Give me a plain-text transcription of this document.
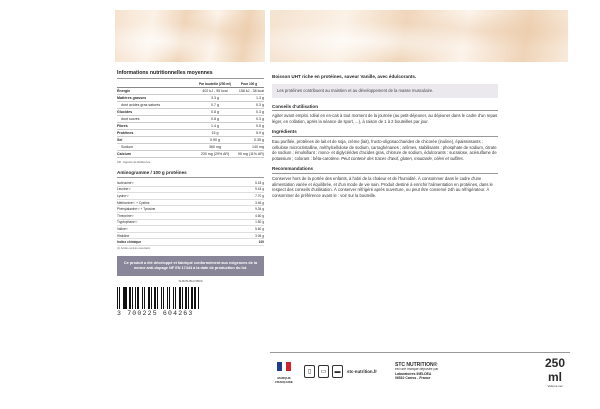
Informations nutritionnelles moyennes
	Par bouteille (250 ml)	Pour 100 g
Énergie	402 kJ - 95 kcal	158 kJ - 38 kcal
Matières grasses	3.3 g	1.3 g
dont acides gras saturés	0.7 g	0.3 g
Glucides	0.8 g	0.3 g
dont sucres	0.8 g	0.3 g
Fibres	1.4 g	0.5 g
Protéines	15 g	5.9 g
Sel	0.90 g	0.35 g
Sodium	360 mg	140 mg
Calcium	230 mg (29% AR)	90 mg (11% AR)
AR : Apports de Référence
Aminogramme / 100 g protéines
Isoleucine⁽¹⁾	5.18 g
Leucine⁽¹⁾	9.44 g
Lysine⁽¹⁾	7.70 g
Méthionine⁽¹⁾ + Cystine	3.46 g
Phénylalanine⁽¹⁾ + Tyrosine	9.34 g
Thréonine⁽¹⁾	4.60 g
Tryptophane⁽¹⁾	1.50 g
Valine⁽¹⁾	5.60 g
Histidine	3.06 g
Indice chimique	100
(1) Acides aminés essentiels
Ce produit a été développé et fabriqué conformément aux exigences de la norme anti-dopage NF EN 17444 à la date de production du lot.
SLB25UBHV0500
3 700225 604263
Boisson UHT riche en protéines, saveur Vanille, avec édulcorants.
Les protéines contribuent au maintien et au développement de la masse musculaire.
Conseils d'utilisation
Agiter avant emploi. Idéal en en-cas à tout moment de la journée (au petit-déjeuner, au déjeuner dans le cadre d'un repas léger, en collation, après la séance de sport, ...), à raison de 1 à 2 bouteilles par jour.
Ingrédients
Eau purifiée, protéines de lait et de soja, crème (lait), fructo-oligosaccharides de chicorée (inuline), épaississants : cellulose microcristalline, méthylcellulose de sodium, carraghénanes ; arômes, stabilisants : phosphate de sodium, citrate de sodium ; émulsifiant : mono- et diglycérides d'acides gras, chlorure de sodium, édulcorants : sucralose, acésulfame de potassium ; colorant : bêta-carotène. Peut contenir des traces d'œuf, gluten, moutarde, céleri et sulfites.
Recommandations
Conserver hors de la portée des enfants, à l'abri de la chaleur et de l'humidité. À consommer dans le cadre d'une alimentation variée et équilibrée, et d'un mode de vie sain. Produit destiné à enrichir l'alimentation en protéines, dans le respect des conseils d'utilisation. À conserver réfrigéré après ouverture, ou peut être conservé 24h au réfrigérateur. À consommer de préférence avant le : voir sur la bouteille.
MARQUE FRANÇAISE
▯	▭	▬	stc-nutrition.fr
STC NUTRITION®
est une marque déposée par
Laboratoires INELDEA
06510 Carros - France
250 ml
Volume net
